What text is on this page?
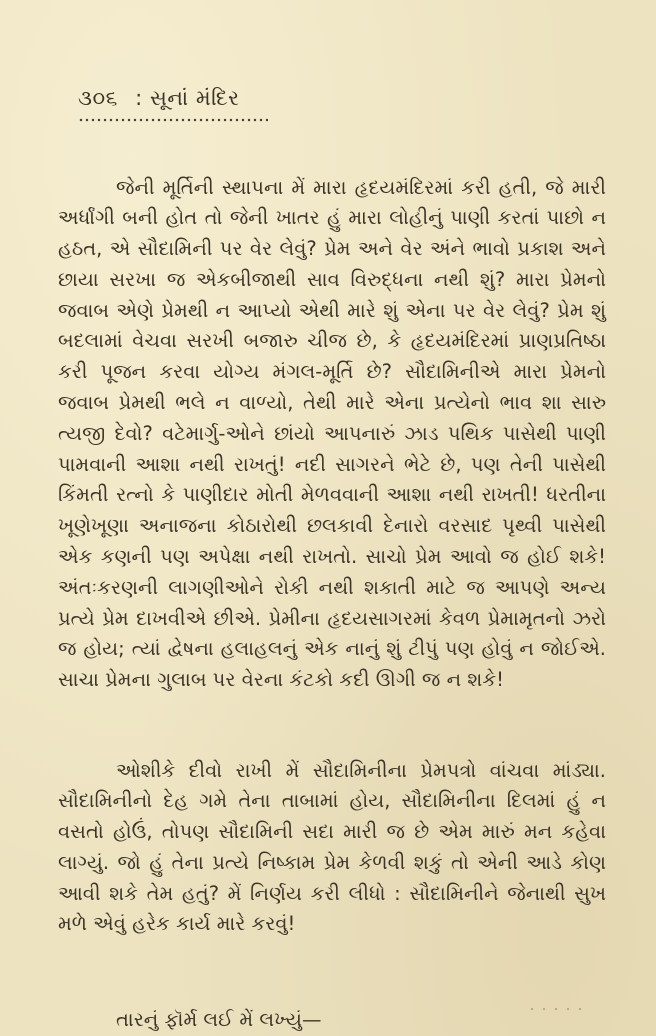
૩૦૬ : સૂનાં મંદિર

જેની મૂર્તિની સ્થાપના મેં મારા હૃદયમંદિરમાં કરી હતી, જે મારી અર્ધાંગી બની હોત તો જેની ખાતર હું મારા લોહીનું પાણી કરતાં પાછો ન હઠત, એ સૌદામિની પર વેર લેવું? પ્રેમ અને વેર અંને ભાવો પ્રકાશ અને છાયા સરખા જ એકબીજાથી સાવ વિરુદ્ધના નથી શું? મારા પ્રેમનો જવાબ એણે પ્રેમથી ન આપ્યો એથી મારે શું એના પર વેર લેવું? પ્રેમ શું બદલામાં વેચવા સરખી બજારુ ચીજ છે, કે હૃદયમંદિરમાં પ્રાણપ્રતિષ્ઠા કરી પૂજન કરવા યોગ્ય મંગલ-મૂર્તિ છે? સૌદામિનીએ મારા પ્રેમનો જવાબ પ્રેમથી ભલે ન વાળ્યો, તેથી મારે એના પ્રત્યેનો ભાવ શા સારુ ત્યજી દેવો? વટેમાર્ગુ-ઓને છાંયો આપનારું ઝાડ પથિક પાસેથી પાણી પામવાની આશા નથી રાખતું! નદી સાગરને ભેટે છે, પણ તેની પાસેથી કિંમતી રત્નો કે પાણીદાર મોતી મેળવવાની આશા નથી રાખતી! ધરતીના ખૂણેખૂણા અનાજના કોઠારોથી છલકાવી દેનારો વરસાદ પૃથ્વી પાસેથી એક કણની પણ અપેક્ષા નથી રાખતો. સાચો પ્રેમ આવો જ હોઈ શકે! અંતઃકરણની લાગણીઓને રોકી નથી શકાતી માટે જ આપણે અન્ય પ્રત્યે પ્રેમ દાખવીએ છીએ. પ્રેમીના હૃદયસાગરમાં કેવળ પ્રેમામૃતનો ઝરો જ હોય; ત્યાં દ્વેષના હલાહલનું એક નાનું શું ટીપું પણ હોવું ન જોઈએ. સાચા પ્રેમના ગુલાબ પર વેરના કંટકો કદી ઊગી જ ન શકે!

ઓશીકે દીવો રાખી મેં સૌદામિનીના પ્રેમપત્રો વાંચવા માંડ્યા. સૌદામિનીનો દેહ ગમે તેના તાબામાં હોય, સૌદામિનીના દિલમાં હું ન વસતો હોઉં, તોપણ સૌદામિની સદા મારી જ છે એમ મારું મન કહેવા લાગ્યું. જો હું તેના પ્રત્યે નિષ્કામ પ્રેમ કેળવી શકું તો એની આડે કોણ આવી શકે તેમ હતું? મેં નિર્ણય કરી લીધો : સૌદામિનીને જેનાથી સુખ મળે એવું હરેક કાર્ય મારે કરવું!

તારનું ફૉર્મ લઈ મેં લખ્યું—
